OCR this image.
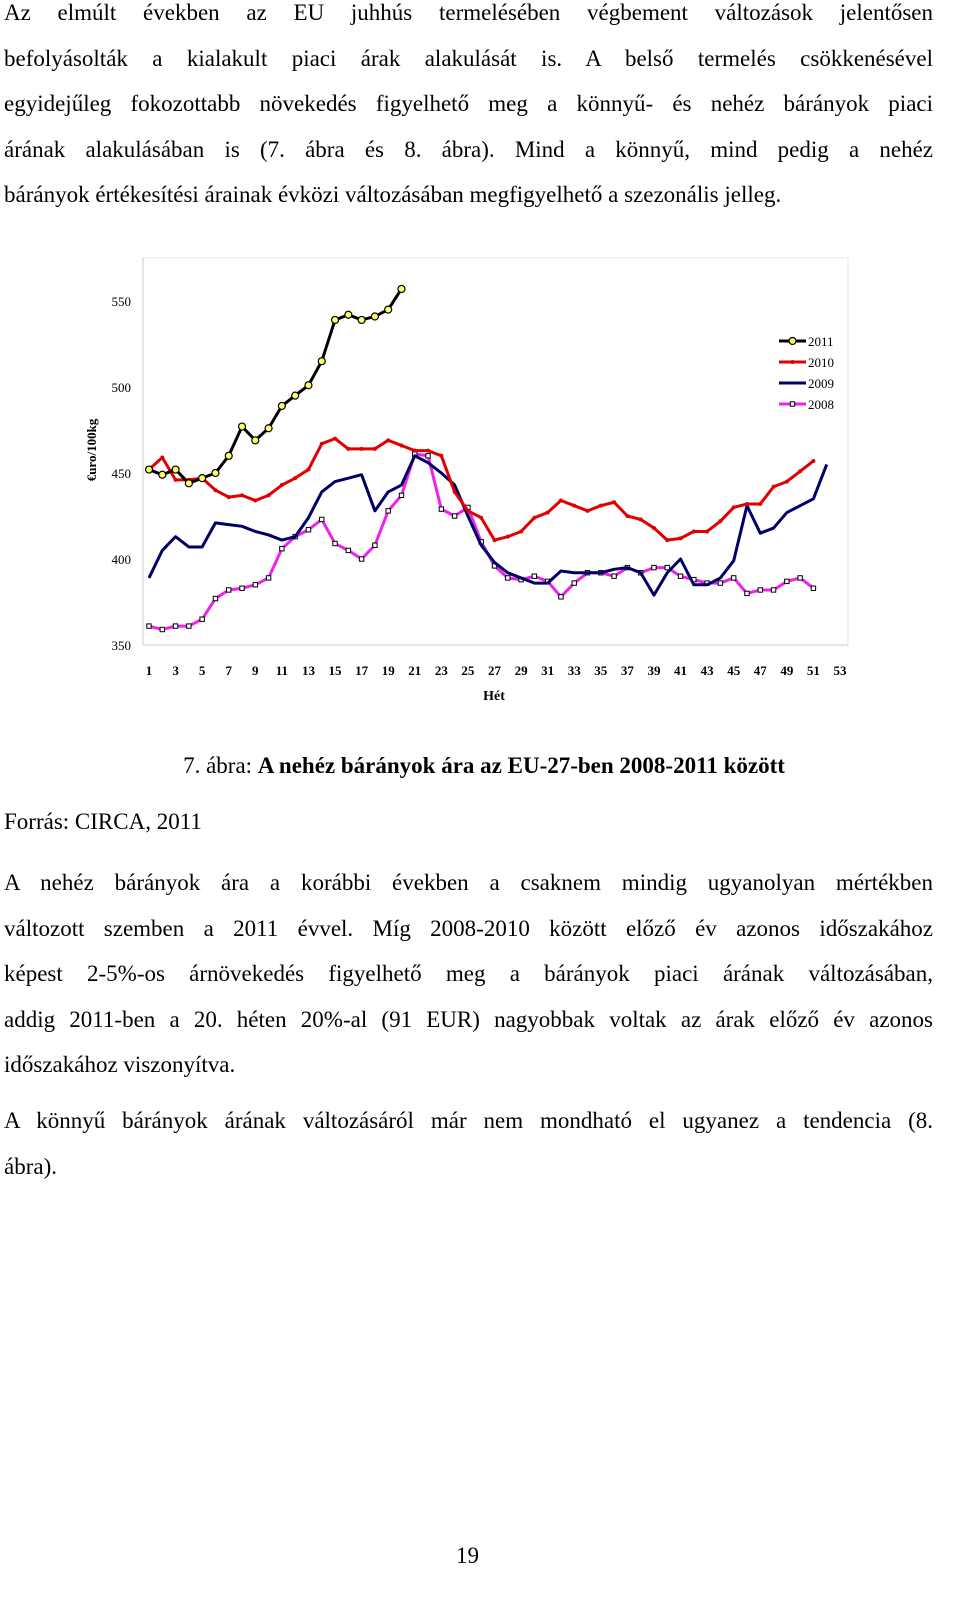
Az elmúlt években az EU juhhús termelésében végbement változások jelentősen
befolyásolták a kialakult piaci árak alakulását is. A belső termelés csökkenésével
egyidejűleg fokozottabb növekedés figyelhető meg a könnyű- és nehéz bárányok piaci
árának alakulásában is (7. ábra és 8. ábra). Mind a könnyű, mind pedig a nehéz
bárányok értékesítési árainak évközi változásában megfigyelhető a szezonális jelleg.
350
400
450
500
550
1 3 5 7 9 11 13 15 17 19 21 23 25 27 29 31 33 35 37 39 41 43 45 47 49 51 53
Hét
€uro/100kg
2011
2010
2009
2008
7. ábra: A nehéz bárányok ára az EU-27-ben 2008-2011 között
Forrás: CIRCA, 2011
A nehéz bárányok ára a korábbi években a csaknem mindig ugyanolyan mértékben
változott szemben a 2011 évvel. Míg 2008-2010 között előző év azonos időszakához
képest 2-5%-os árnövekedés figyelhető meg a bárányok piaci árának változásában,
addig 2011-ben a 20. héten 20%-al (91 EUR) nagyobbak voltak az árak előző év azonos
időszakához viszonyítva.
A könnyű bárányok árának változásáról már nem mondható el ugyanez a tendencia (8.
ábra).
19
